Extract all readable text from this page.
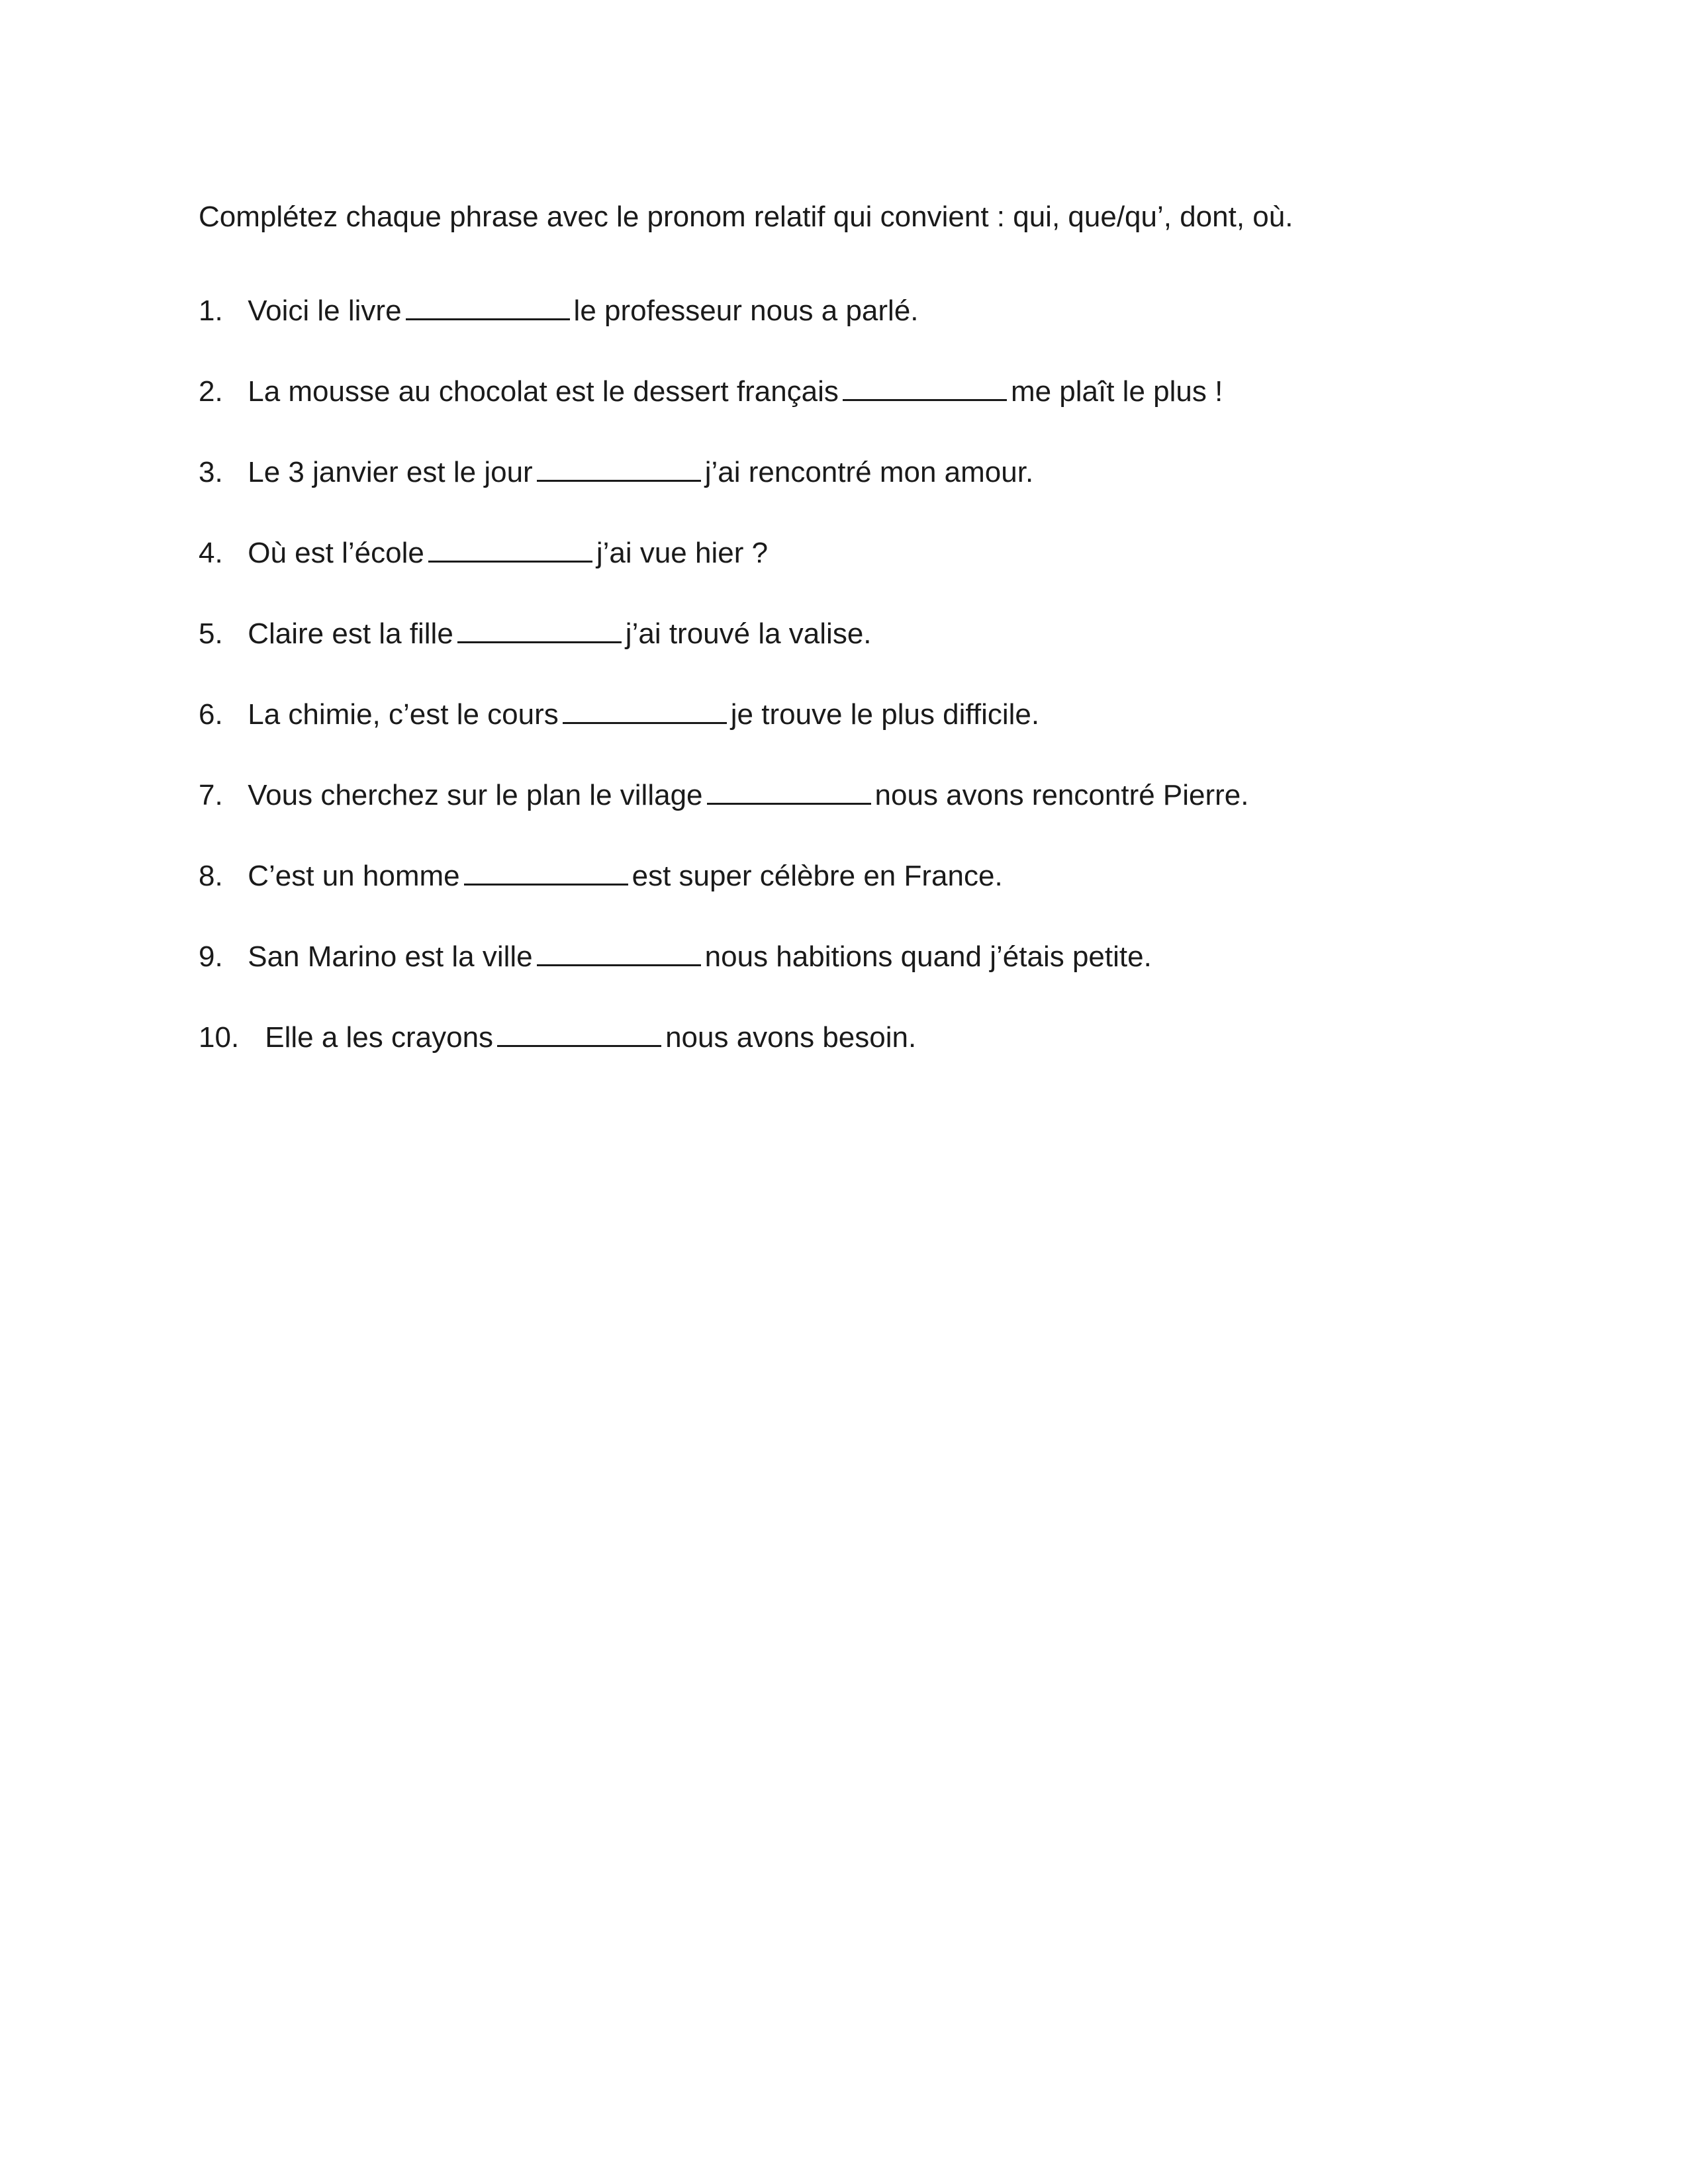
Complétez chaque phrase avec le pronom relatif qui convient : qui, que/qu’, dont, où.

1. Voici le livre	le professeur nous a parlé.
2. La mousse au chocolat est le dessert français	me plaît le plus !
3. Le 3 janvier est le jour	j’ai rencontré mon amour.
4. Où est l’école	j’ai vue hier ?
5. Claire est la fille	j’ai trouvé la valise.
6. La chimie, c’est le cours	je trouve le plus difficile.
7. Vous cherchez sur le plan le village	nous avons rencontré Pierre.
8. C’est un homme	est super célèbre en France.
9. San Marino est la ville	nous habitions quand j’étais petite.
10. Elle a les crayons	nous avons besoin.
